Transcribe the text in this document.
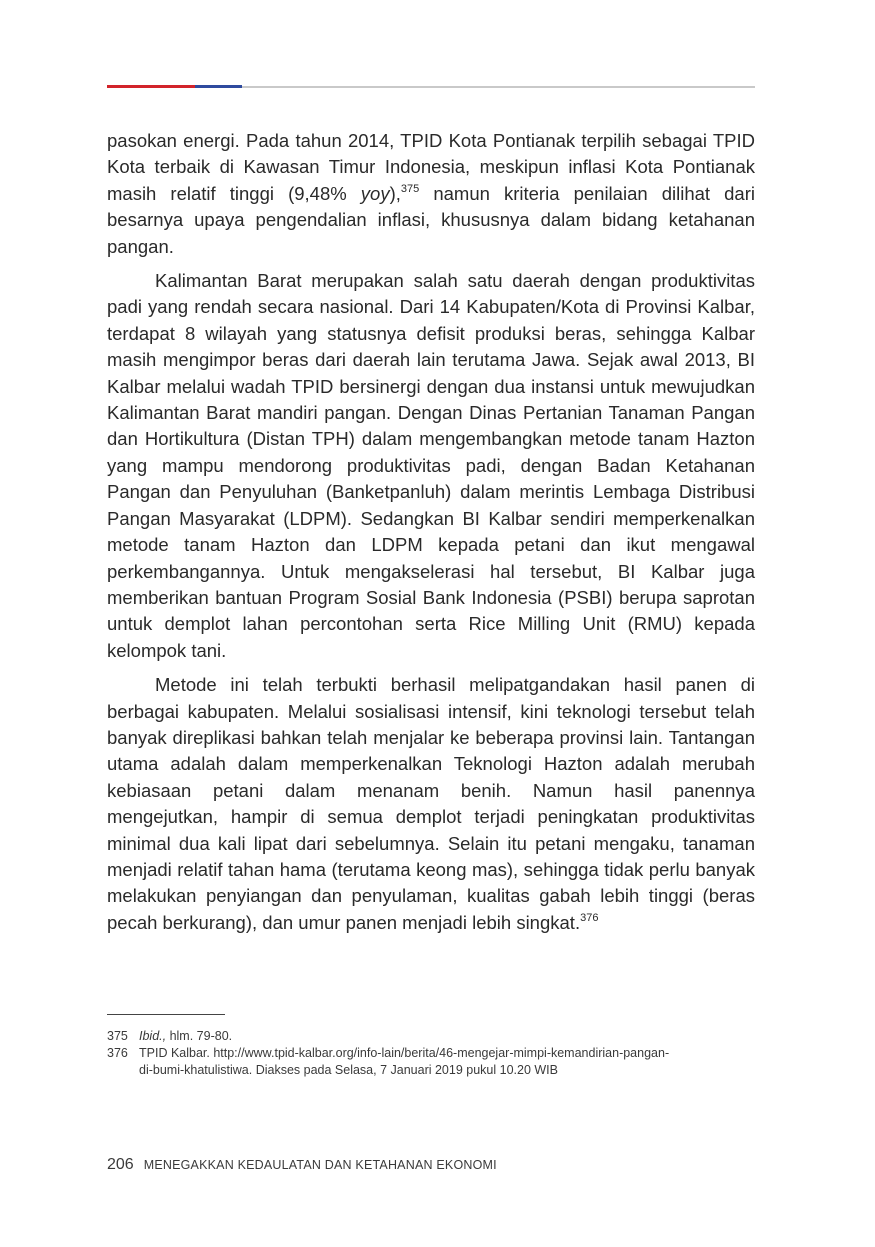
pasokan energi. Pada tahun 2014, TPID Kota Pontianak terpilih sebagai TPID Kota terbaik di Kawasan Timur Indonesia, meskipun inflasi Kota Pontianak masih relatif tinggi (9,48% yoy),$^{375}$ namun kriteria penilaian dilihat dari besarnya upaya pengendalian inflasi, khususnya dalam bidang ketahanan pangan.

Kalimantan Barat merupakan salah satu daerah dengan produktivitas padi yang rendah secara nasional. Dari 14 Kabupaten/Kota di Provinsi Kalbar, terdapat 8 wilayah yang statusnya defisit produksi beras, sehingga Kalbar masih mengimpor beras dari daerah lain terutama Jawa. Sejak awal 2013, BI Kalbar melalui wadah TPID bersinergi dengan dua instansi untuk mewujudkan Kalimantan Barat mandiri pangan. Dengan Dinas Pertanian Tanaman Pangan dan Hortikultura (Distan TPH) dalam mengembangkan metode tanam Hazton yang mampu mendorong produktivitas padi, dengan Badan Ketahanan Pangan dan Penyuluhan (Banketpanluh) dalam merintis Lembaga Distribusi Pangan Masyarakat (LDPM). Sedangkan BI Kalbar sendiri memperkenalkan metode tanam Hazton dan LDPM kepada petani dan ikut mengawal perkembangannya. Untuk mengakselerasi hal tersebut, BI Kalbar juga memberikan bantuan Program Sosial Bank Indonesia (PSBI) berupa saprotan untuk demplot lahan percontohan serta Rice Milling Unit (RMU) kepada kelompok tani.

Metode ini telah terbukti berhasil melipatgandakan hasil panen di berbagai kabupaten. Melalui sosialisasi intensif, kini teknologi tersebut telah banyak direplikasi bahkan telah menjalar ke beberapa provinsi lain. Tantangan utama adalah dalam memperkenalkan Teknologi Hazton adalah merubah kebiasaan petani dalam menanam benih. Namun hasil panennya mengejutkan, hampir di semua demplot terjadi peningkatan produktivitas minimal dua kali lipat dari sebelumnya. Selain itu petani mengaku, tanaman menjadi relatif tahan hama (terutama keong mas), sehingga tidak perlu banyak melakukan penyiangan dan penyulaman, kualitas gabah lebih tinggi (beras pecah berkurang), dan umur panen menjadi lebih singkat.$^{376}$

375 Ibid., hlm. 79-80.
376 TPID Kalbar. http://www.tpid-kalbar.org/info-lain/berita/46-mengejar-mimpi-kemandirian-pangan-
di-bumi-khatulistiwa. Diakses pada Selasa, 7 Januari 2019 pukul 10.20 WIB
206 MENEGAKKAN KEDAULATAN DAN KETAHANAN EKONOMI
